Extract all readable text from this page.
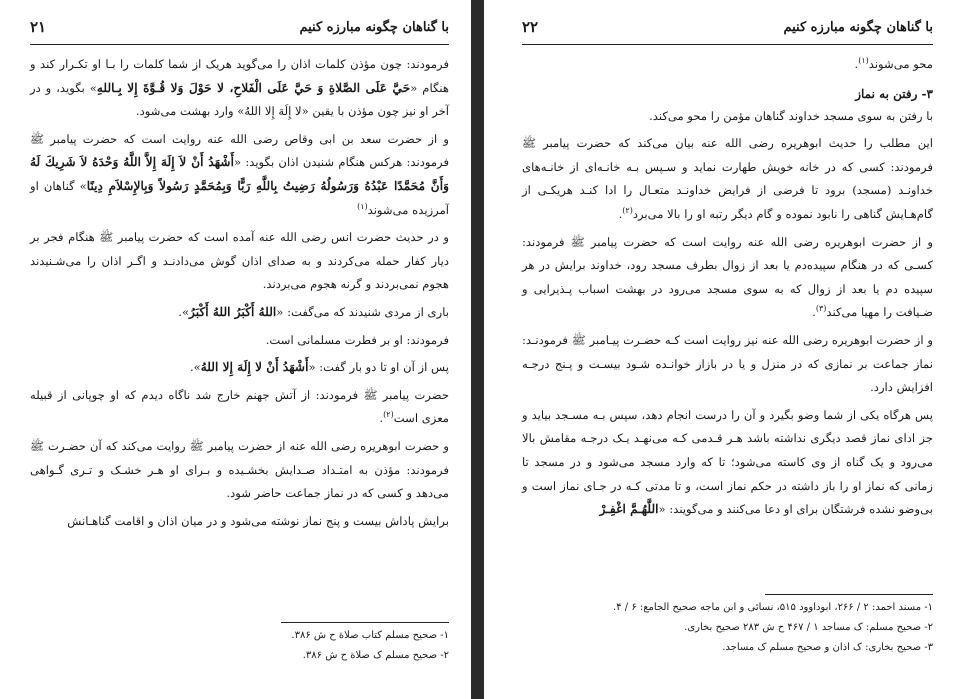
با گناهان چگونه مبارزه کنیم
۲۱

فرمودند: چون مؤذن کلمات اذان را می‌گوید هریک از شما کلمات را بـا او تکـرار کند و هنگام «حَيَّ عَلَى الصَّلاةِ وَ حَيَّ عَلَى الْفَلاحِ، لا حَوْلَ وَلا قُـوَّةَ إِلا بِـاللهِ» بگوید، و در آخر او نیز چون مؤذن با یقین «لا إِلَهَ إِلا اللهُ» وارد بهشت می‌شود.

و از حضرت سعد بن ابی وقاص رضی الله عنه روایت است که حضرت پیامبر ﷺ فرمودند: هرکس هنگام شنیدن اذان بگوید: «أَشْهَدُ أَنْ لاَ إِلَهَ إِلاَّ اللَّهُ وَحْدَهُ لاَ شَرِيكَ لَهُ وَأَنَّ مُحَمَّدًا عَبْدُهُ وَرَسُولُهُ رَضِيتُ بِاللَّهِ رَبًّا وَبِمُحَمَّدٍ رَسُولاً وَبِالإِسْلاَمِ دِينًا» گناهان او آمرزیده می‌شوند$^{(۱)}$

و در حدیث حضرت انس رضی الله عنه آمده است که حضرت پیامبر ﷺ هنگام فجر بر دیار کفار حمله می‌کردند و به صدای اذان گوش می‌دادنـد و اگـر اذان را می‌شـنیدند هجوم نمی‌بردند و گرنه هجوم می‌بردند.

باری از مردی شنیدند که می‌گفت: «اللهُ أَكْبَرُ اللهُ أَكْبَرُ».

فرمودند: او بر فطرت مسلمانی است.

پس از آن او تا دو بار گفت: «أَشْهَدُ أَنْ لا إِلَهَ إِلا اللهُ».

حضرت پیامبر ﷺ فرمودند: از آتش جهنم خارج شد ناگاه دیدم که او چوپانی از قبیله معزی است$^{(۲)}$.

و حضرت ابوهریره رضی الله عنه از حضرت پیامبر ﷺ روایت می‌کند که آن حضـرت ﷺ فرمودند: مؤذن به امتـداد صـدایش بخشـیده و بـرای او هـر خشـک و تـری گـواهی می‌دهد و کسی که در نماز جماعت حاضر شود.

برایش پاداش بیست و پنج نماز نوشته می‌شود و در میان اذان و اقامت گناهـانش

۱- صحیح مسلم کتاب صلاة ح ش ۳۸۶.
۲- صحیح مسلم ک صلاة ح ش ۳۸۶.
با گناهان چگونه مبارزه کنیم
۲۲

محو می‌شوند$^{(۱)}$.

۳- رفتن به نماز

با رفتن به سوی مسجد خداوند گناهان مؤمن را محو می‌کند.

این مطلب را حدیث ابوهریره رضی الله عنه بیان می‌کند که حضرت پیامبر ﷺ فرمودند: کسی که در خانه خویش طهارت نماید و سـپس بـه خانـه‌ای از خانـه‌های خداونـد (مسجد) برود تا فرضی از فرایض خداونـد متعـال را ادا کنـد هریکـی از گام‌هـایش گناهی را نابود نموده و گام دیگر رتبه او را بالا می‌برد$^{(۲)}$.

و از حضرت ابوهریره رضی الله عنه روایت است که حضرت پیامبر ﷺ فرمودند: کسـی که در هنگام سپیده‌دم یا بعد از زوال بطرف مسجد رود، خداوند برایش در هر سپیده دم یا بعد از زوال که به سوی مسجد می‌رود در بهشت اسباب پـذیرایی و ضـیافت را مهیا می‌کند$^{(۳)}$.

و از حضرت ابوهریره رضی الله عنه نیز روایت است کـه حضـرت پیـامبر ﷺ فرمودنـد: نماز جماعت بر نمازی که در منزل و یا در بازار خوانـده شـود بیسـت و پـنج درجـه افزایش دارد.

پس هرگاه یکی از شما وضو بگیرد و آن را درست انجام دهد، سپس بـه مسـجد بیاید و جز ادای نماز قصد دیگری نداشته باشد هـر قـدمی کـه می‌نهـد یـک درجـه مقامش بالا می‌رود و یک گناه از وی کاسته می‌شود؛ تا که وارد مسجد می‌شود و در مسجد تا زمانی که نماز او را باز داشته در حکم نماز است، و تا مدتی کـه در جـای نماز است و بی‌وضو نشده فرشتگان برای او دعا می‌کنند و می‌گویند: «اللَّهُـمَّ اغْفِـرْ

۱- مسند احمد: ۲ / ۲۶۶، ابوداوود ۵۱۵، نسائی و ابن ماجه صحیح الجامع: ۶ / ۴.
۲- صحیح مسلم: ک مساجد ۱ / ۴۶۷ ح ش ۲۸۳ صحیح بخاری.
۳- صحیح بخاری: ک اذان و صحیح مسلم ک مساجد.
